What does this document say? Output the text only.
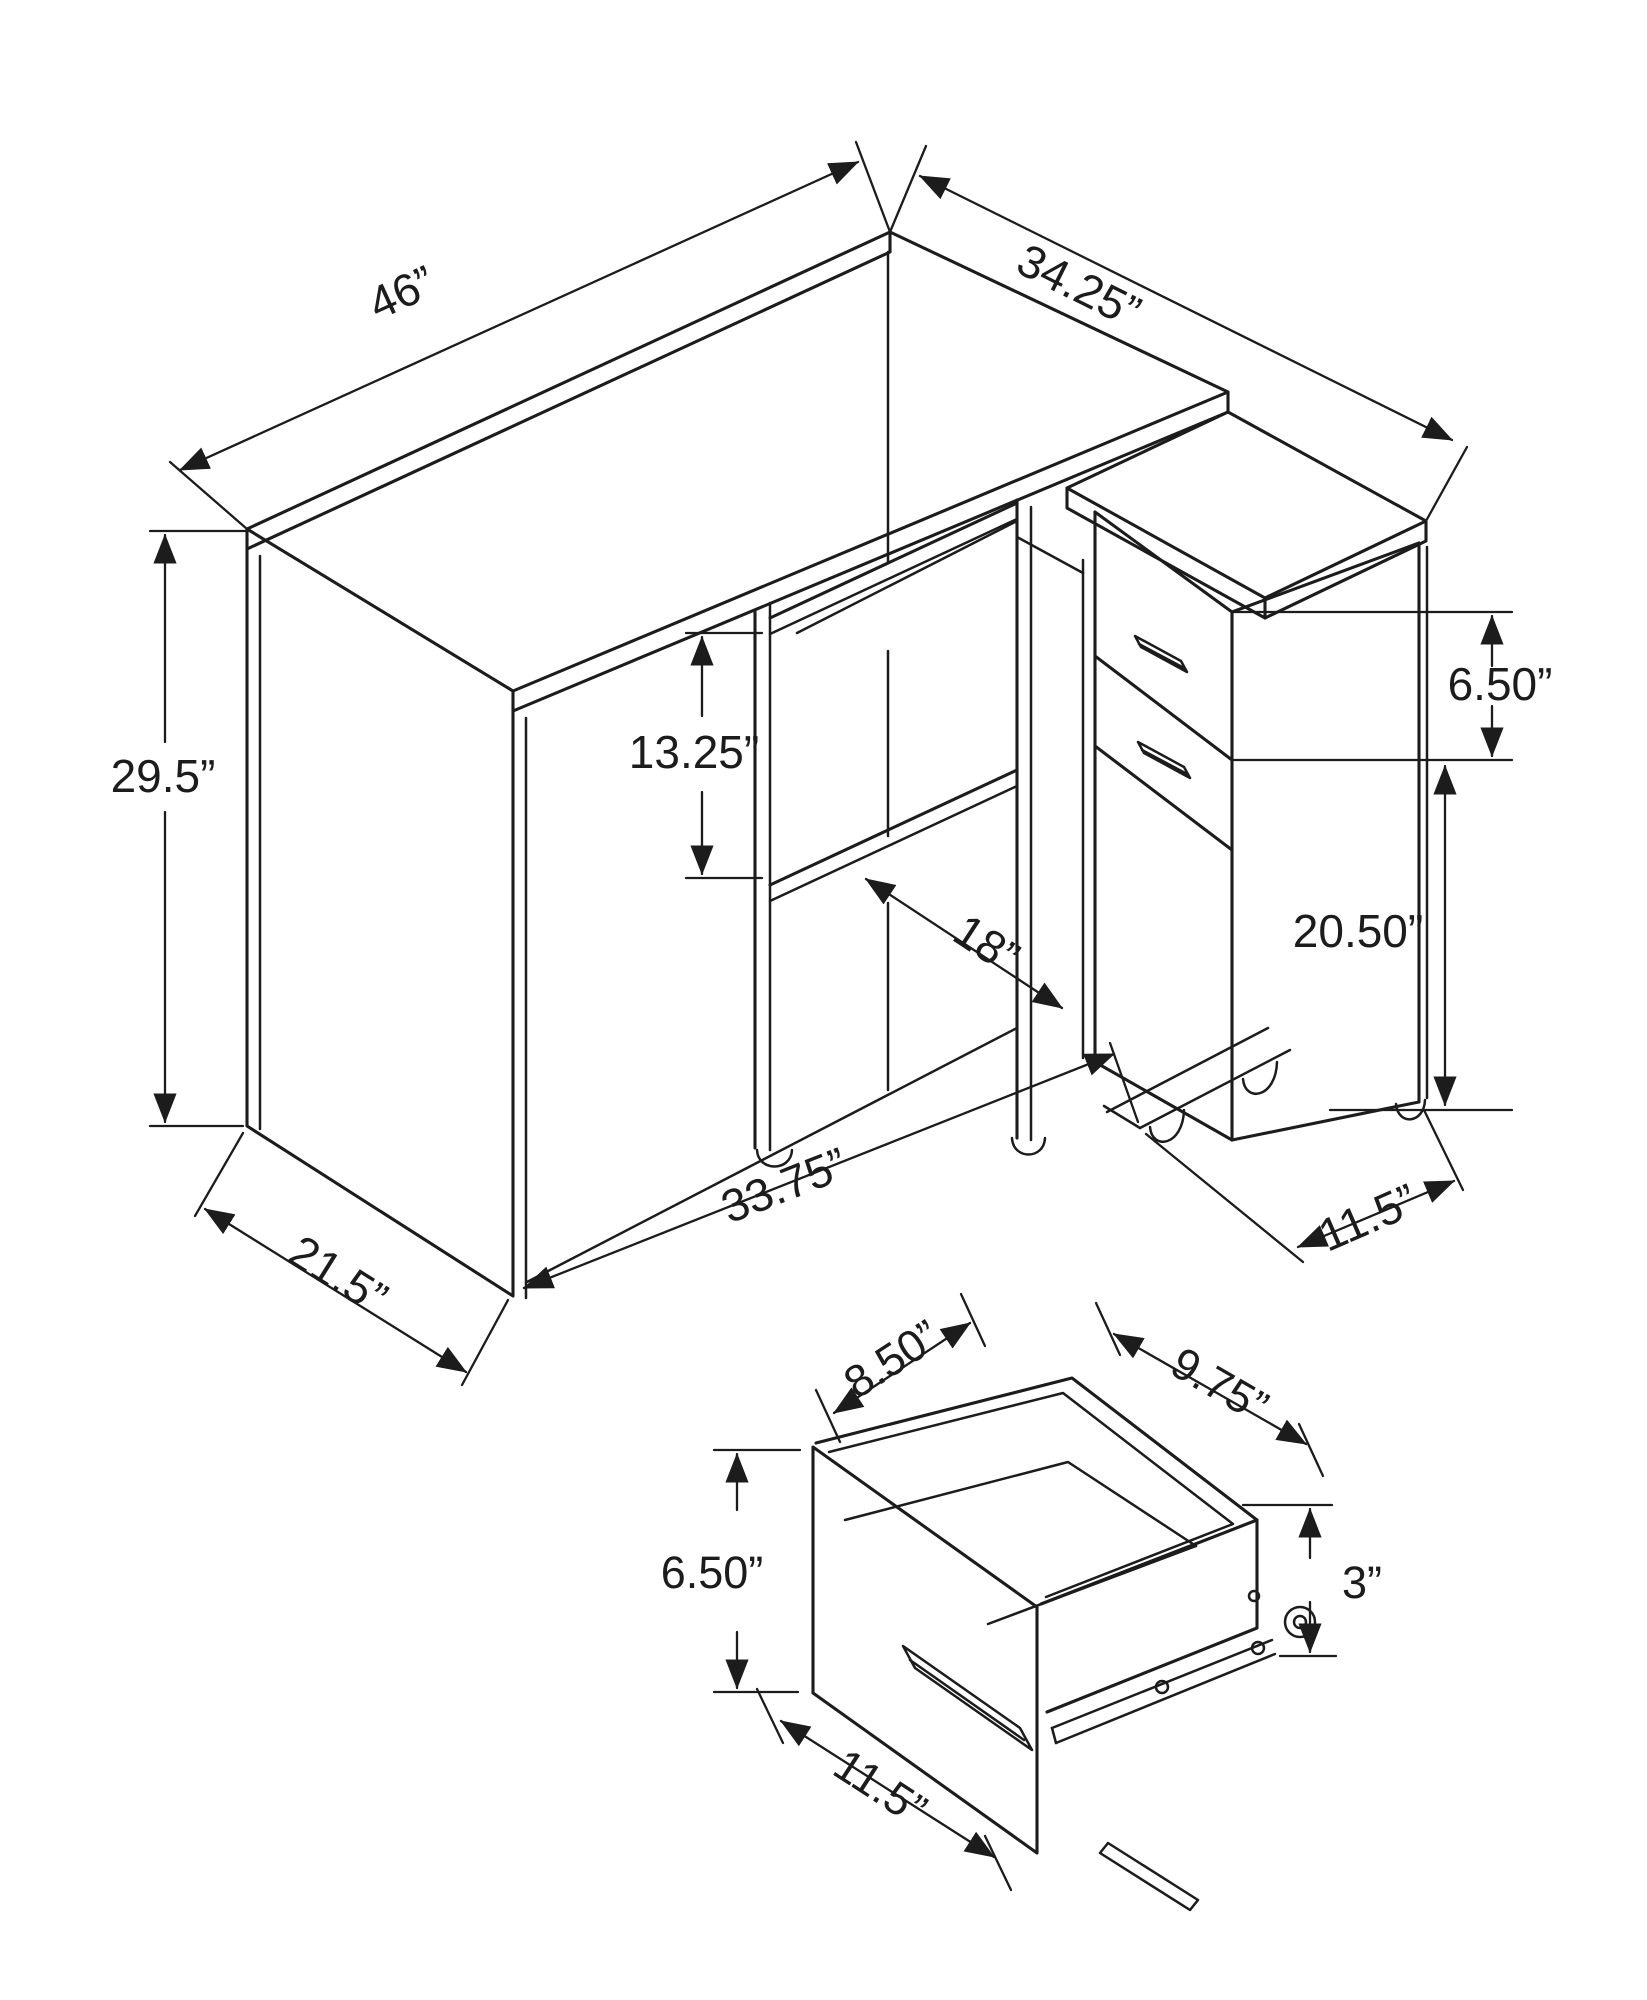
46”	34.25”
29.5”	13.25”
6.50”
20.50”
18”
33.75”
21.5”
11.5”
8.50”	9.75”
6.50”	3”
11.5”
